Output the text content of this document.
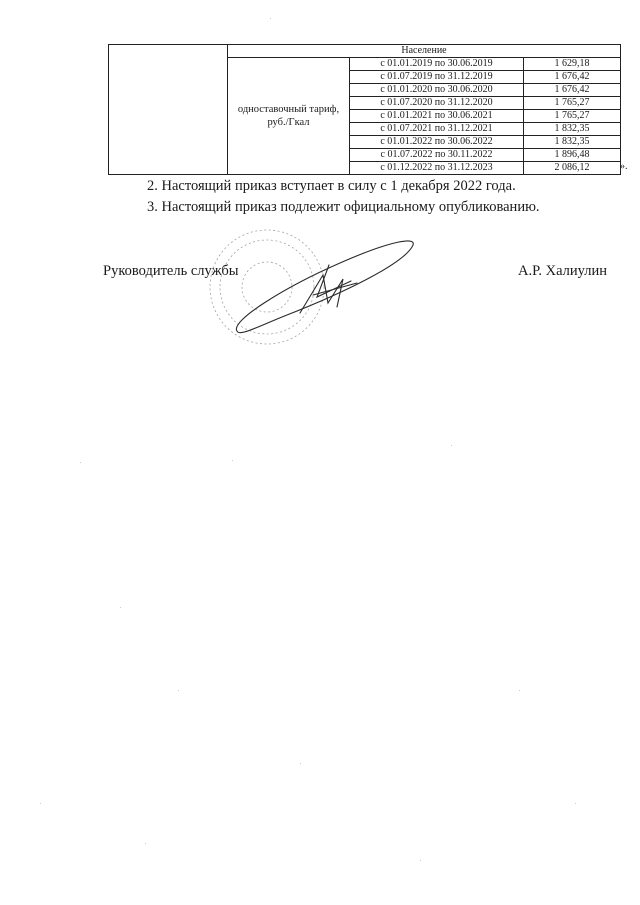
	Население		
	одноставочный тариф, руб./Гкал	с 01.01.2019 по 30.06.2019	1 629,18
		с 01.07.2019 по 31.12.2019	1 676,42
		с 01.01.2020 по 30.06.2020	1 676,42
		с 01.07.2020 по 31.12.2020	1 765,27
		с 01.01.2021 по 30.06.2021	1 765,27
		с 01.07.2021 по 31.12.2021	1 832,35
		с 01.01.2022 по 30.06.2022	1 832,35
		с 01.07.2022 по 30.11.2022	1 896,48
		с 01.12.2022 по 31.12.2023	2 086,12	».

2. Настоящий приказ вступает в силу с 1 декабря 2022 года.

3. Настоящий приказ подлежит официальному опубликованию.

Руководитель службы	А.Р. Халиулин
